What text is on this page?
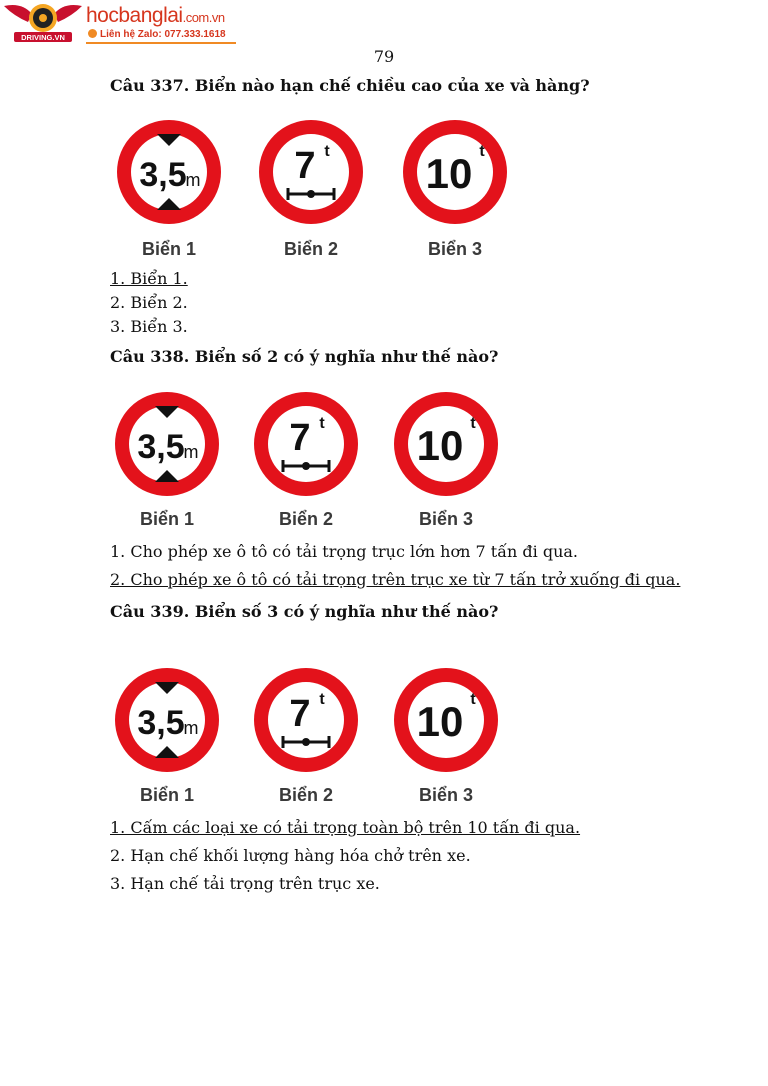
DRIVING.VN
hocbanglai.com.vn
Liên hệ Zalo: 077.333.1618
79
Câu 337. Biển nào hạn chế chiều cao của xe và hàng?
3,5
m
Biển 1
7 t
Biển 2
10 t
Biển 3
1. Biển 1.
2. Biển 2.
3. Biển 3.
Câu 338. Biển số 2 có ý nghĩa như thế nào?
3,5
m
Biển 1
7 t
Biển 2
10 t
Biển 3
1. Cho phép xe ô tô có tải trọng trục lớn hơn 7 tấn đi qua.
2. Cho phép xe ô tô có tải trọng trên trục xe từ 7 tấn trở xuống đi qua.
Câu 339. Biển số 3 có ý nghĩa như thế nào?
3,5
m
Biển 1
7 t
Biển 2
10 t
Biển 3
1. Cấm các loại xe có tải trọng toàn bộ trên 10 tấn đi qua.
2. Hạn chế khối lượng hàng hóa chở trên xe.
3. Hạn chế tải trọng trên trục xe.
